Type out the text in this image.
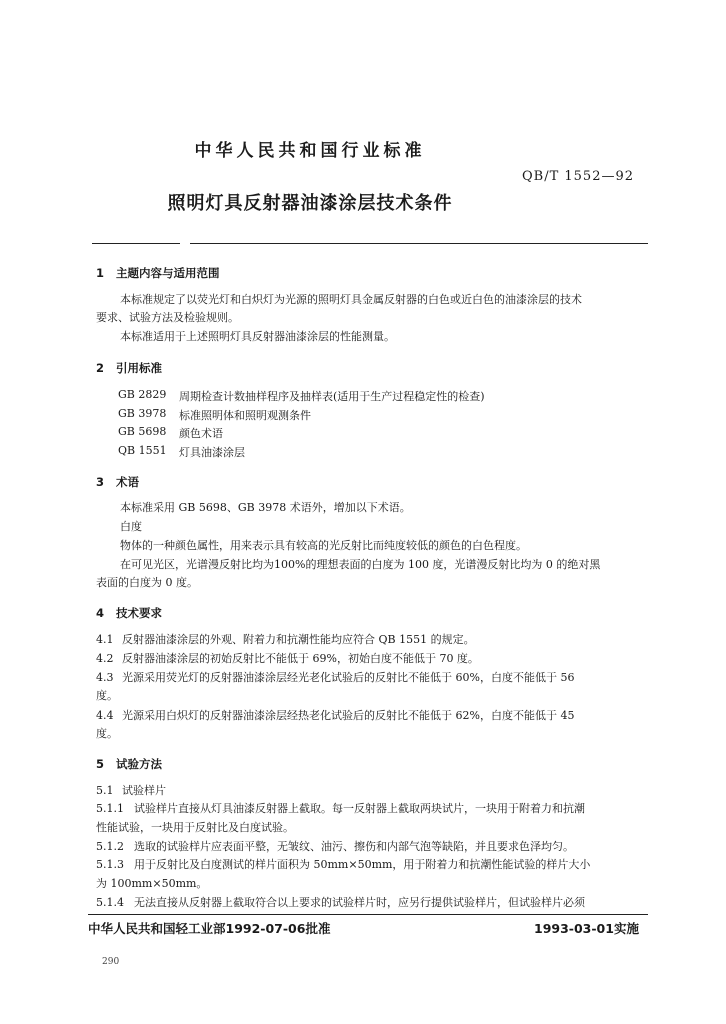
中华人民共和国行业标准
QB/T 1552—92
照明灯具反射器油漆涂层技术条件
1 主题内容与适用范围
本标准规定了以荧光灯和白炽灯为光源的照明灯具金属反射器的白色或近白色的油漆涂层的技术
要求、试验方法及检验规则。
本标准适用于上述照明灯具反射器油漆涂层的性能测量。
2 引用标准
GB 2829	周期检查计数抽样程序及抽样表(适用于生产过程稳定性的检查)
GB 3978	标准照明体和照明观测条件
GB 5698	颜色术语
QB 1551	灯具油漆涂层
3 术语
本标准采用 GB 5698、GB 3978 术语外，增加以下术语。
白度
物体的一种颜色属性，用来表示具有较高的光反射比而纯度较低的颜色的白色程度。
在可见光区，光谱漫反射比均为100%的理想表面的白度为 100 度，光谱漫反射比均为 0 的绝对黑
表面的白度为 0 度。
4 技术要求
4.1 反射器油漆涂层的外观、附着力和抗潮性能均应符合 QB 1551 的规定。
4.2 反射器油漆涂层的初始反射比不能低于 69%，初始白度不能低于 70 度。
4.3 光源采用荧光灯的反射器油漆涂层经光老化试验后的反射比不能低于 60%，白度不能低于 56
度。
4.4 光源采用白炽灯的反射器油漆涂层经热老化试验后的反射比不能低于 62%，白度不能低于 45
度。
5 试验方法
5.1 试验样片
5.1.1 试验样片直接从灯具油漆反射器上截取。每一反射器上截取两块试片，一块用于附着力和抗潮
性能试验，一块用于反射比及白度试验。
5.1.2 选取的试验样片应表面平整，无皱纹、油污、擦伤和内部气泡等缺陷，并且要求色泽均匀。
5.1.3 用于反射比及白度测试的样片面积为 50mm×50mm，用于附着力和抗潮性能试验的样片大小
为 100mm×50mm。
5.1.4 无法直接从反射器上截取符合以上要求的试验样片时，应另行提供试验样片，但试验样片必须
中华人民共和国轻工业部1992-07-06批准	1993-03-01实施
290
